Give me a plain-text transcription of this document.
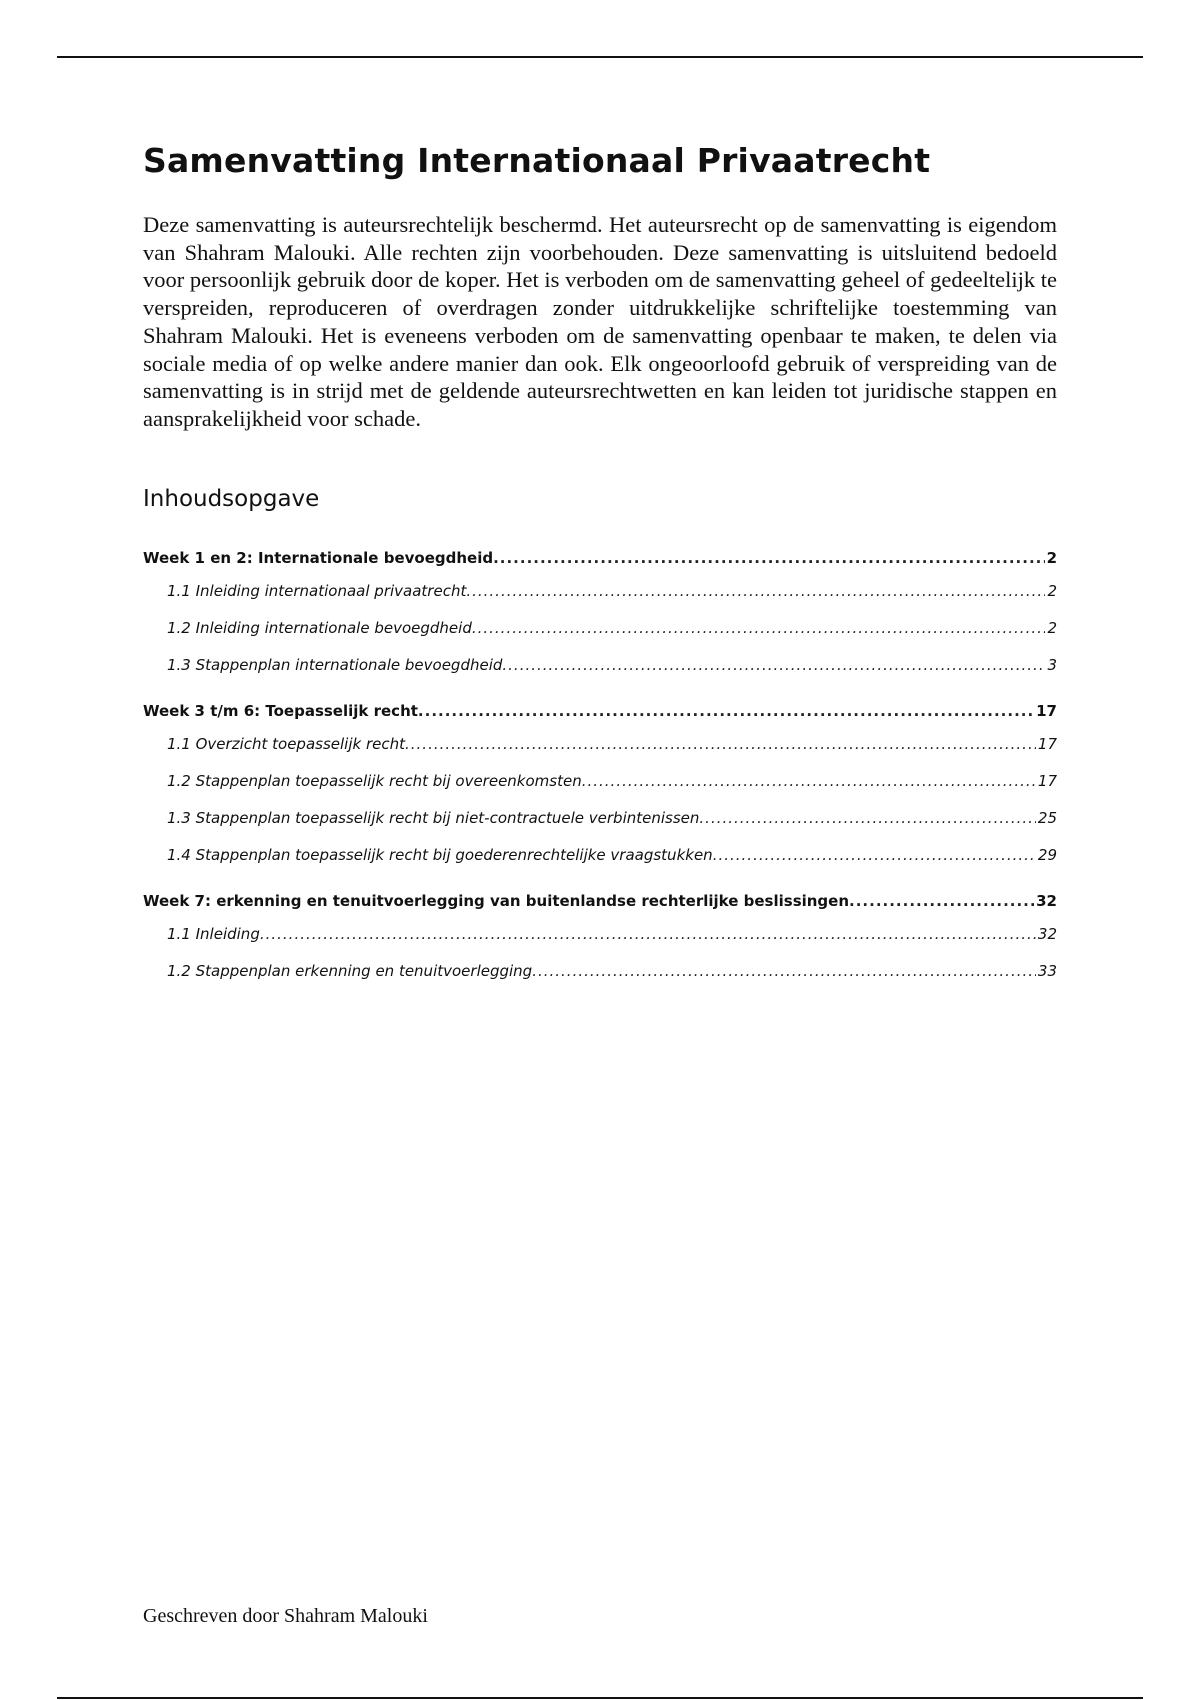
Samenvatting Internationaal Privaatrecht

Deze samenvatting is auteursrechtelijk beschermd. Het auteursrecht op de samenvatting is eigendom van Shahram Malouki. Alle rechten zijn voorbehouden. Deze samenvatting is uitsluitend bedoeld voor persoonlijk gebruik door de koper. Het is verboden om de samenvatting geheel of gedeeltelijk te verspreiden, reproduceren of overdragen zonder uitdrukkelijke schriftelijke toestemming van Shahram Malouki. Het is eveneens verboden om de samenvatting openbaar te maken, te delen via sociale media of op welke andere manier dan ook. Elk ongeoorloofd gebruik of verspreiding van de samenvatting is in strijd met de geldende auteursrechtwetten en kan leiden tot juridische stappen en aansprakelijkheid voor schade.

Inhoudsopgave
Week 1 en 2: Internationale bevoegdheid .....	2
1.1 Inleiding internationaal privaatrecht .....	2
1.2 Inleiding internationale bevoegdheid .....	2
1.3 Stappenplan internationale bevoegdheid .....	3
Week 3 t/m 6: Toepasselijk recht .....	17
1.1 Overzicht toepasselijk recht .....	17
1.2 Stappenplan toepasselijk recht bij overeenkomsten .....	17
1.3 Stappenplan toepasselijk recht bij niet-contractuele verbintenissen .....	25
1.4 Stappenplan toepasselijk recht bij goederenrechtelijke vraagstukken .....	29
Week 7: erkenning en tenuitvoerlegging van buitenlandse rechterlijke beslissingen .....	32
1.1 Inleiding .....	32
1.2 Stappenplan erkenning en tenuitvoerlegging .....	33

Geschreven door Shahram Malouki
